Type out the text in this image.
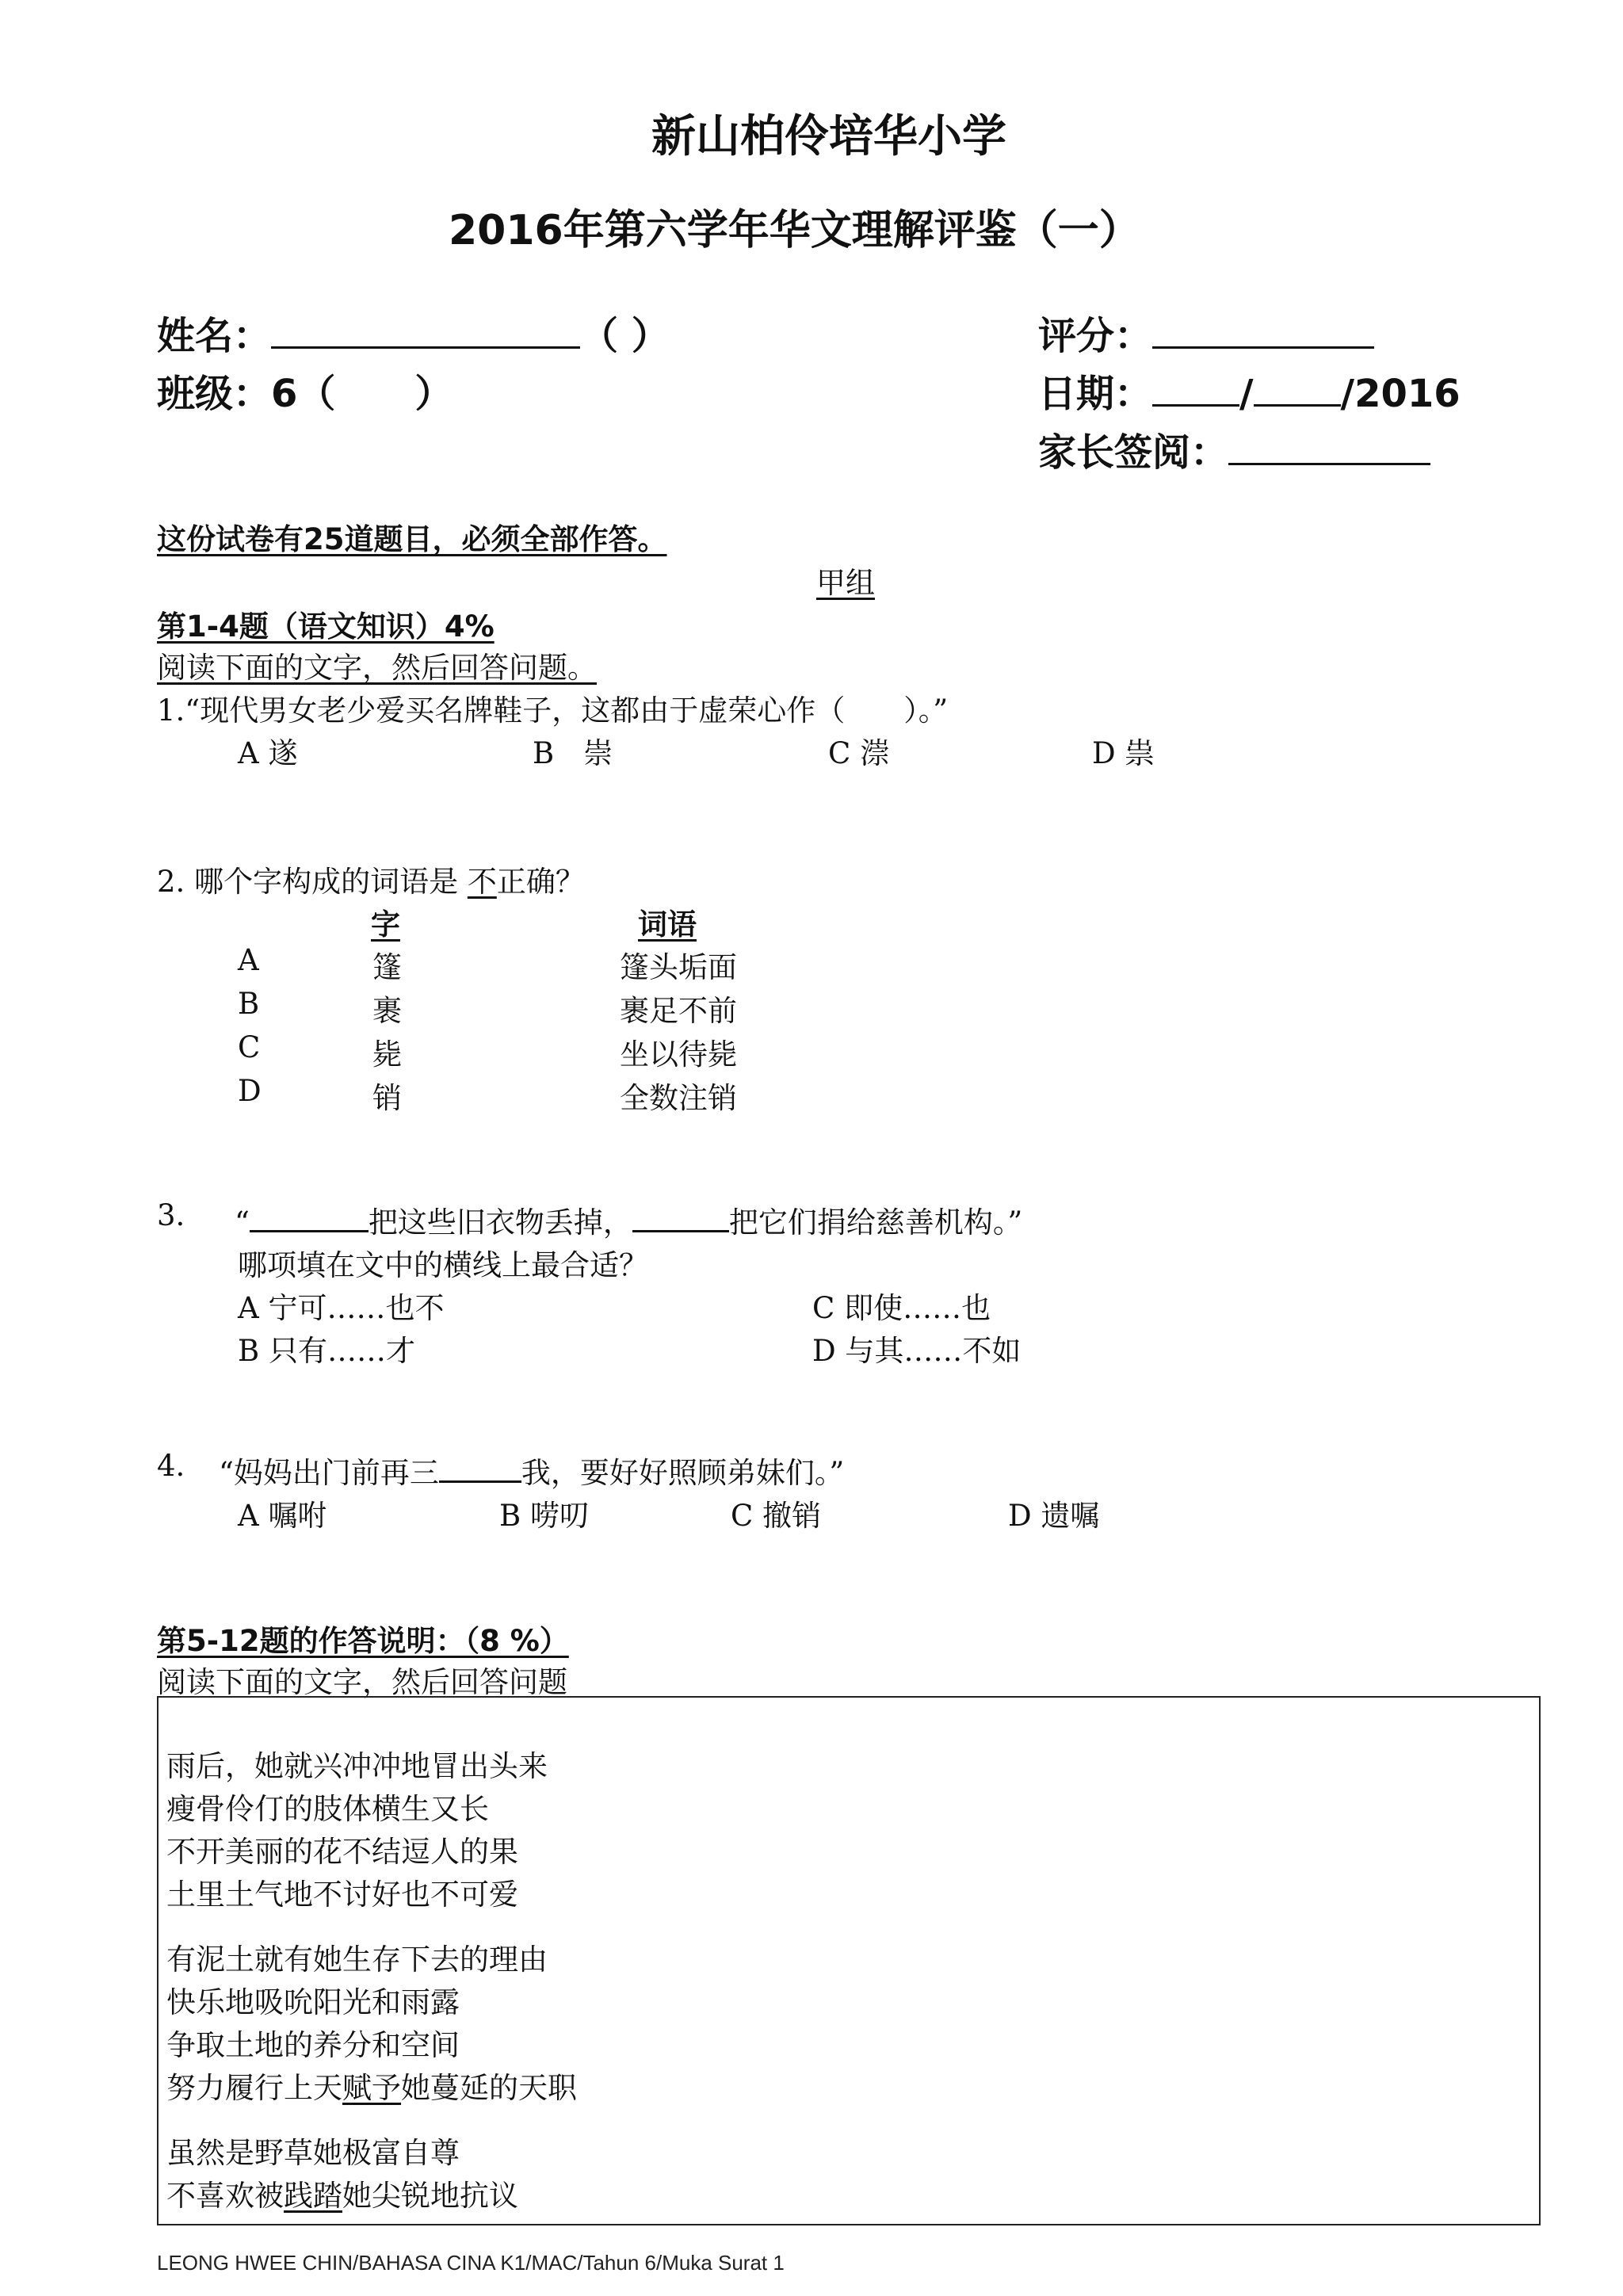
新山柏伶培华小学
2016年第六学年华文理解评鉴（一）
姓名：	（ ）
班级：6（ ）
评分：
日期： / /2016
家长签阅：
这份试卷有25道题目，必须全部作答。
甲组
第1-4题（语文知识）4%
阅读下面的文字，然后回答问题。
1.“现代男女老少爱买名牌鞋子，这都由于虚荣心作（　　）。”
A 遂	B　崇	C 漴	D 祟
2. 哪个字构成的词语是 不正确？
字	词语
A	篷	篷头垢面
B	裹	裹足不前
C	毙	坐以待毙
D	销	全数注销
3. “	把这些旧衣物丢掉，	把它们捐给慈善机构。”
哪项填在文中的横线上最合适？
A 宁可……也不	C 即使……也
B 只有……才	D 与其……不如
4. “妈妈出门前再三	我，要好好照顾弟妹们。”
A 嘱咐	B 唠叨	C 撤销	D 遗嘱
第5-12题的作答说明：（8 %）
阅读下面的文字，然后回答问题
雨后，她就兴冲冲地冒出头来
瘦骨伶仃的肢体横生又长
不开美丽的花不结逗人的果
土里土气地不讨好也不可爱
有泥土就有她生存下去的理由
快乐地吸吮阳光和雨露
争取土地的养分和空间
努力履行上天赋予她蔓延的天职
虽然是野草她极富自尊
不喜欢被践踏她尖锐地抗议
LEONG HWEE CHIN/BAHASA CINA K1/MAC/Tahun 6/Muka Surat 1
